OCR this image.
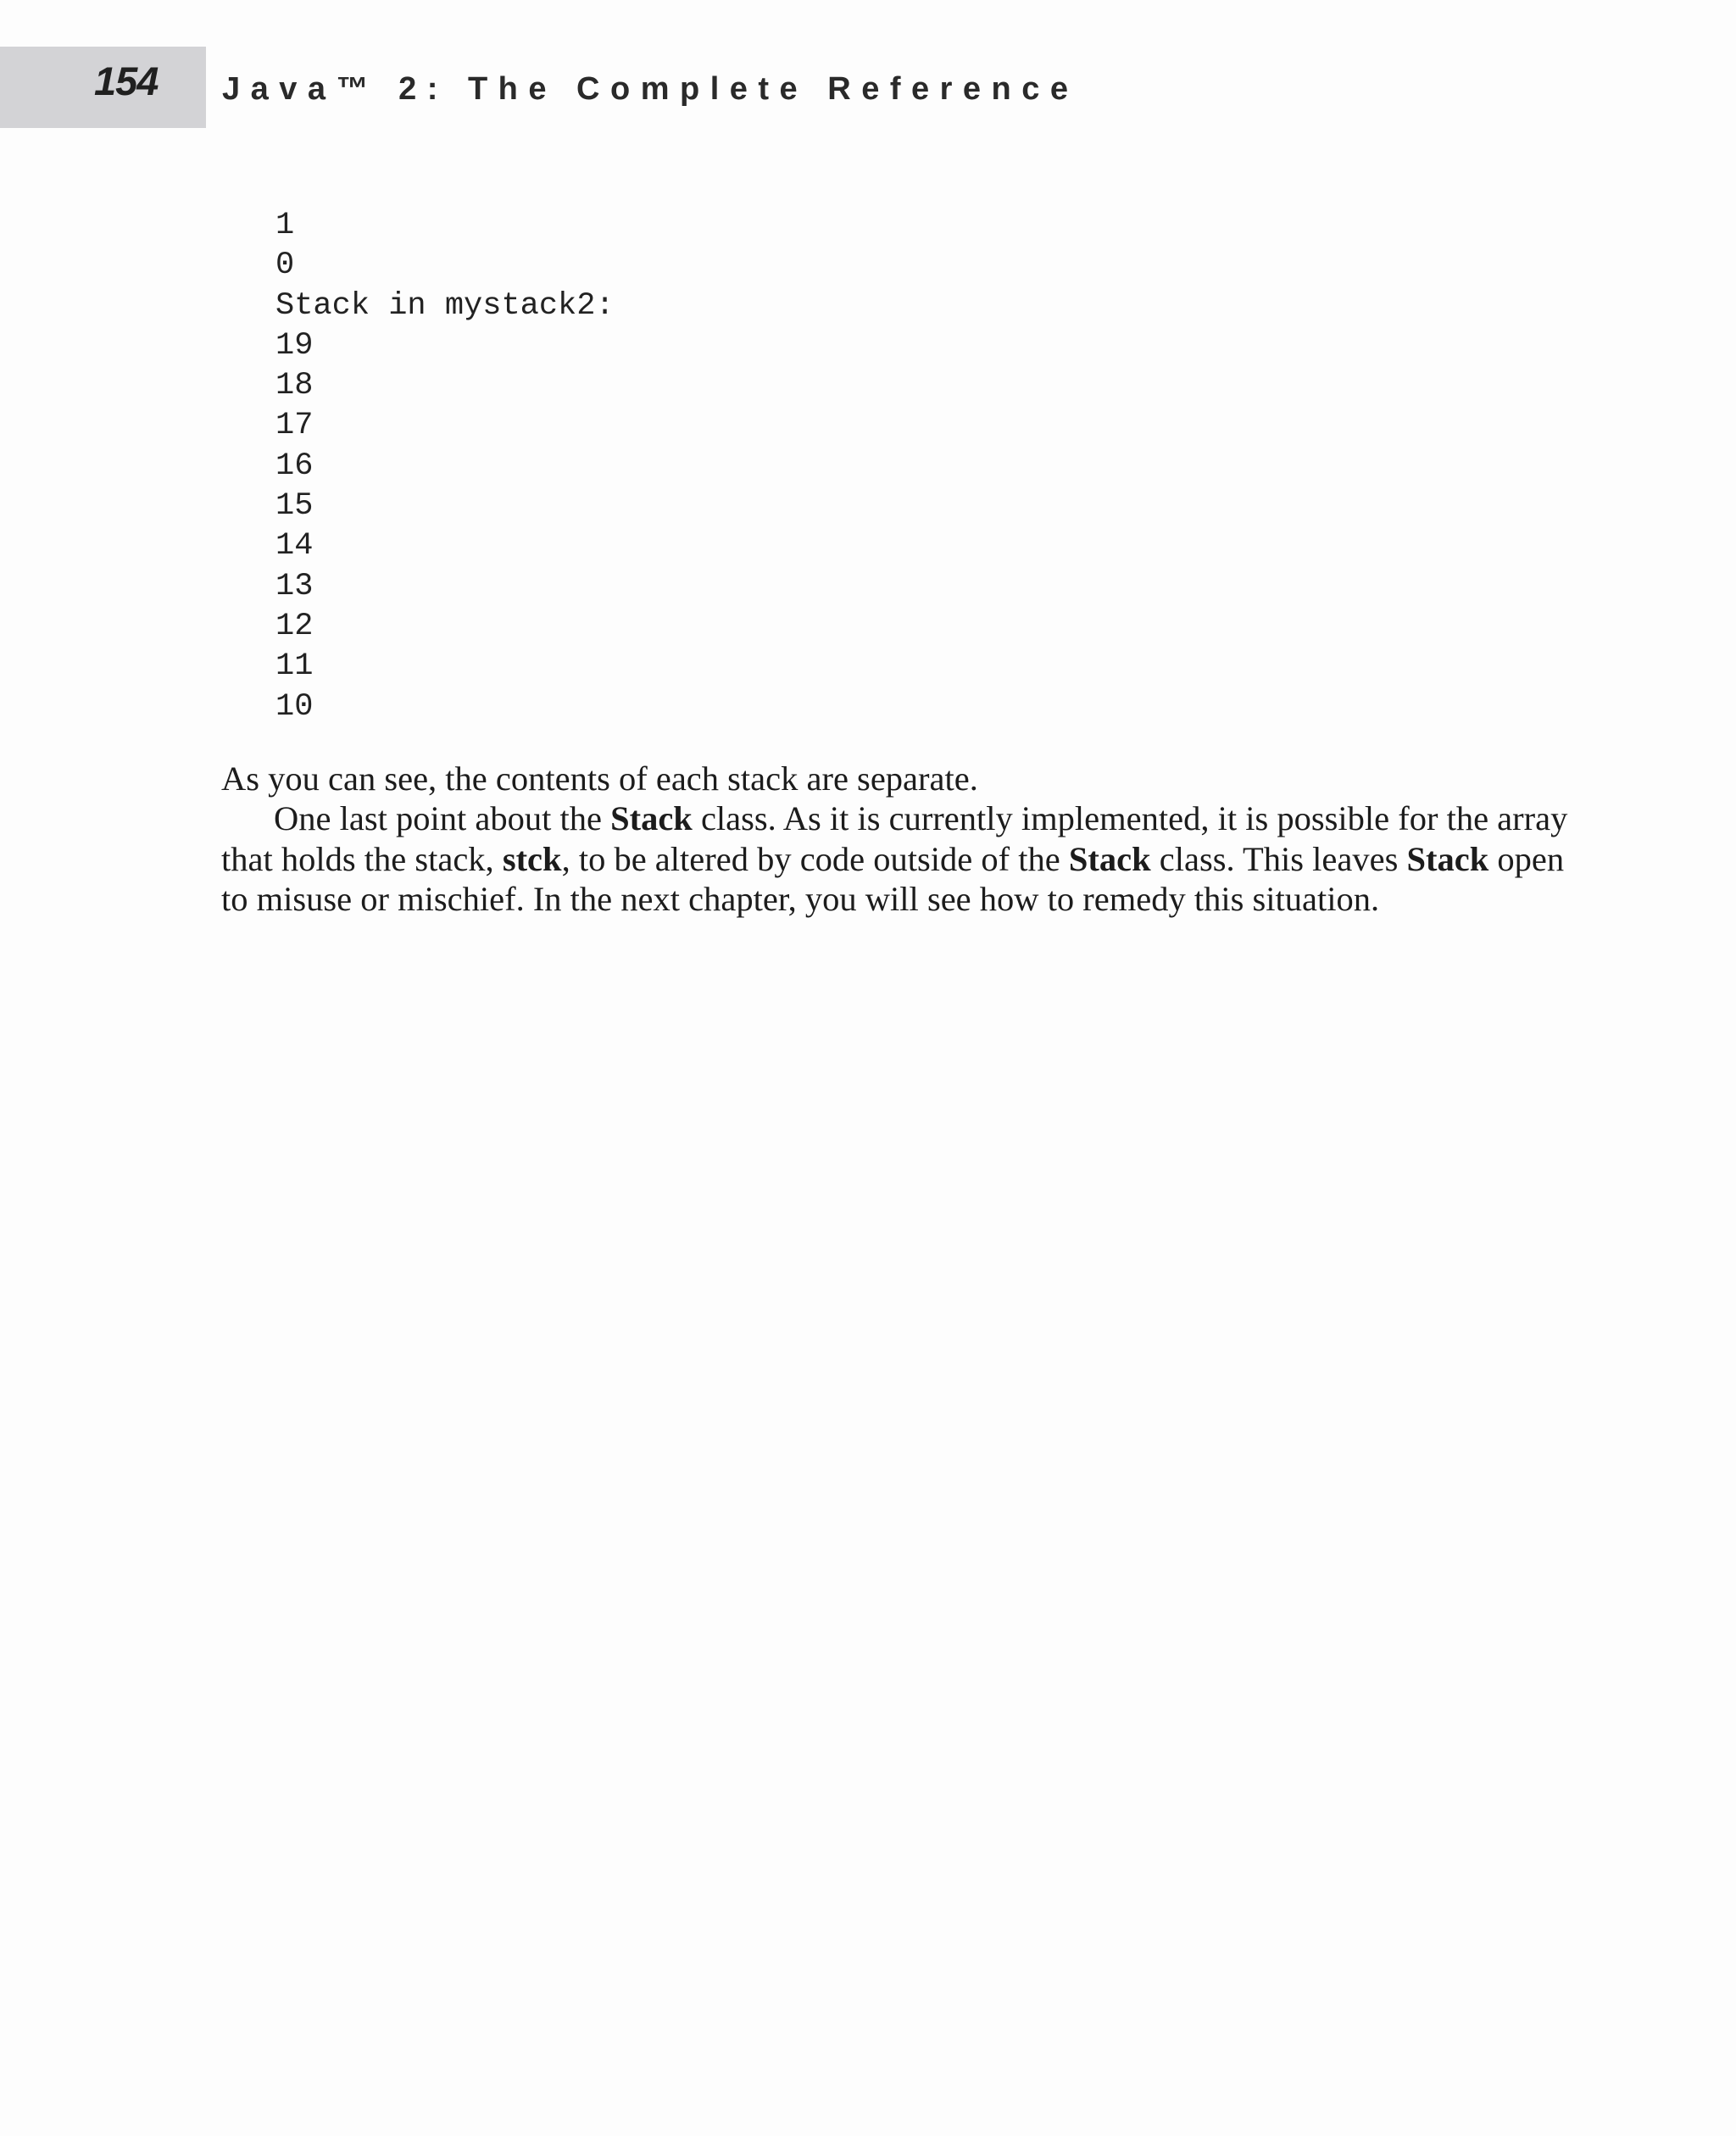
154 Java™ 2: The Complete Reference
1
0
Stack in mystack2:
19
18
17
16
15
14
13
12
11
10

As you can see, the contents of each stack are separate.

One last point about the Stack class. As it is currently implemented, it is possible for the array that holds the stack, stck, to be altered by code outside of the Stack class. This leaves Stack open to misuse or mischief. In the next chapter, you will see how to remedy this situation.
